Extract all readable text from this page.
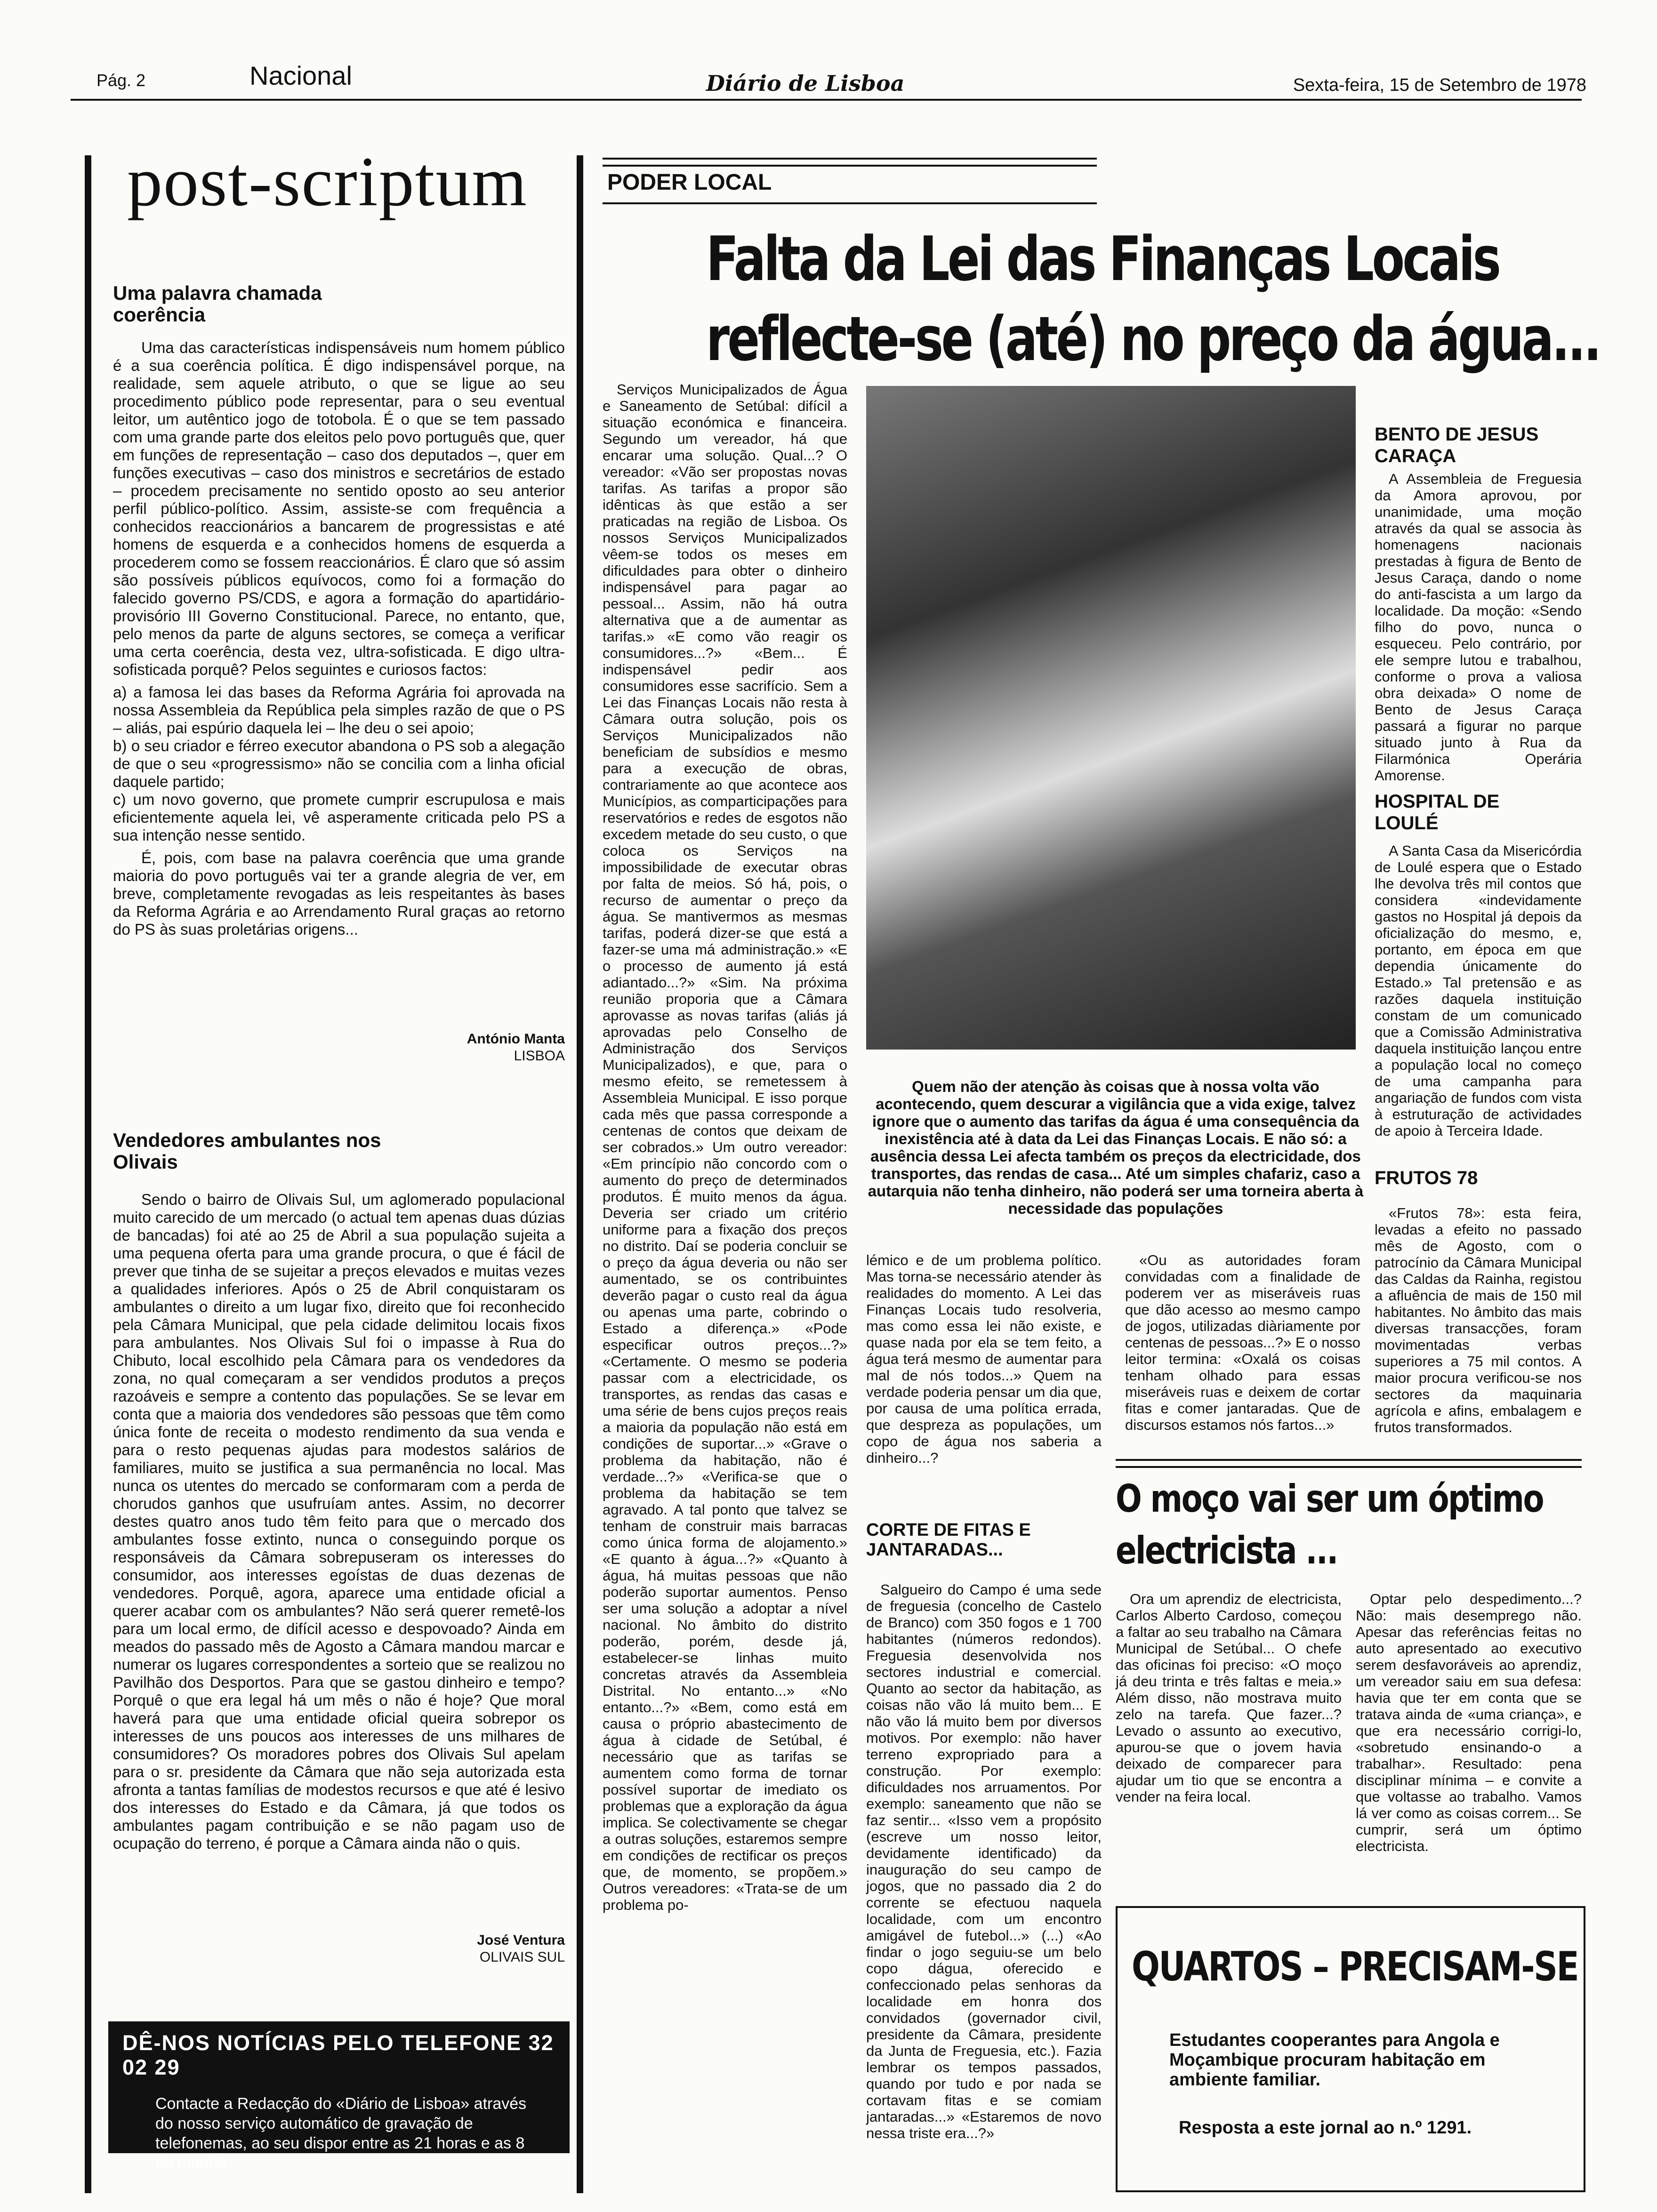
Pág. 2	Nacional	Diário de Lisboa	Sexta-feira, 15 de Setembro de 1978
post-scriptum
Uma palavra chamada coerência

Uma das características indispensáveis num homem público é a sua coerência política. É digo indispensável porque, na realidade, sem aquele atributo, o que se ligue ao seu procedimento público pode representar, para o seu eventual leitor, um autêntico jogo de totobola. É o que se tem passado com uma grande parte dos eleitos pelo povo português que, quer em funções de representação – caso dos deputados –, quer em funções executivas – caso dos ministros e secretários de estado – procedem precisamente no sentido oposto ao seu anterior perfil público-político. Assim, assiste-se com frequência a conhecidos reaccionários a bancarem de progressistas e até homens de esquerda e a conhecidos homens de esquerda a procederem como se fossem reaccionários. É claro que só assim são possíveis públicos equívocos, como foi a formação do falecido governo PS/CDS, e agora a formação do apartidário-provisório III Governo Constitucional. Parece, no entanto, que, pelo menos da parte de alguns sectores, se começa a verificar uma certa coerência, desta vez, ultra-sofisticada. E digo ultra-sofisticada porquê? Pelos seguintes e curiosos factos:

a) a famosa lei das bases da Reforma Agrária foi aprovada na nossa Assembleia da República pela simples razão de que o PS – aliás, pai espúrio daquela lei – lhe deu o sei apoio;

b) o seu criador e férreo executor abandona o PS sob a alegação de que o seu «progressismo» não se concilia com a linha oficial daquele partido;

c) um novo governo, que promete cumprir escrupulosa e mais eficientemente aquela lei, vê asperamente criticada pelo PS a sua intenção nesse sentido.

É, pois, com base na palavra coerência que uma grande maioria do povo português vai ter a grande alegria de ver, em breve, completamente revogadas as leis respeitantes às bases da Reforma Agrária e ao Arrendamento Rural graças ao retorno do PS às suas proletárias origens...

António Manta
LISBOA
Vendedores ambulantes nos Olivais

Sendo o bairro de Olivais Sul, um aglomerado populacional muito carecido de um mercado (o actual tem apenas duas dúzias de bancadas) foi até ao 25 de Abril a sua população sujeita a uma pequena oferta para uma grande procura, o que é fácil de prever que tinha de se sujeitar a preços elevados e muitas vezes a qualidades inferiores. Após o 25 de Abril conquistaram os ambulantes o direito a um lugar fixo, direito que foi reconhecido pela Câmara Municipal, que pela cidade delimitou locais fixos para ambulantes. Nos Olivais Sul foi o impasse à Rua do Chibuto, local escolhido pela Câmara para os vendedores da zona, no qual começaram a ser vendidos produtos a preços razoáveis e sempre a contento das populações. Se se levar em conta que a maioria dos vendedores são pessoas que têm como única fonte de receita o modesto rendimento da sua venda e para o resto pequenas ajudas para modestos salários de familiares, muito se justifica a sua permanência no local. Mas nunca os utentes do mercado se conformaram com a perda de chorudos ganhos que usufruíam antes. Assim, no decorrer destes quatro anos tudo têm feito para que o mercado dos ambulantes fosse extinto, nunca o conseguindo porque os responsáveis da Câmara sobrepuseram os interesses do consumidor, aos interesses egoístas de duas dezenas de vendedores. Porquê, agora, aparece uma entidade oficial a querer acabar com os ambulantes? Não será querer remetê-los para um local ermo, de difícil acesso e despovoado? Ainda em meados do passado mês de Agosto a Câmara mandou marcar e numerar os lugares correspondentes a sorteio que se realizou no Pavilhão dos Desportos. Para que se gastou dinheiro e tempo? Porquê o que era legal há um mês o não é hoje? Que moral haverá para que uma entidade oficial queira sobrepor os interesses de uns poucos aos interesses de uns milhares de consumidores? Os moradores pobres dos Olivais Sul apelam para o sr. presidente da Câmara que não seja autorizada esta afronta a tantas famílias de modestos recursos e que até é lesivo dos interesses do Estado e da Câmara, já que todos os ambulantes pagam contribuição e se não pagam uso de ocupação do terreno, é porque a Câmara ainda não o quis.

José Ventura
OLIVAIS SUL
DÊ-NOS NOTÍCIAS PELO TELEFONE 32 02 29
Contacte a Redacção do «Diário de Lisboa» através do nosso serviço automático de gravação de telefonemas, ao seu dispor entre as 21 horas e as 8 da manhã.
PODER LOCAL
Falta da Lei das Finanças Locais
reflecte-se (até) no preço da água...

Serviços Municipalizados de Água e Saneamento de Setúbal: difícil a situação económica e financeira. Segundo um vereador, há que encarar uma solução. Qual...? O vereador: «Vão ser propostas novas tarifas. As tarifas a propor são idênticas às que estão a ser praticadas na região de Lisboa. Os nossos Serviços Municipalizados vêem-se todos os meses em dificuldades para obter o dinheiro indispensável para pagar ao pessoal... Assim, não há outra alternativa que a de aumentar as tarifas.» «E como vão reagir os consumidores...?» «Bem... É indispensável pedir aos consumidores esse sacrifício. Sem a Lei das Finanças Locais não resta à Câmara outra solução, pois os Serviços Municipalizados não beneficiam de subsídios e mesmo para a execução de obras, contrariamente ao que acontece aos Municípios, as comparticipações para reservatórios e redes de esgotos não excedem metade do seu custo, o que coloca os Serviços na impossibilidade de executar obras por falta de meios. Só há, pois, o recurso de aumentar o preço da água. Se mantivermos as mesmas tarifas, poderá dizer-se que está a fazer-se uma má administração.» «E o processo de aumento já está adiantado...?» «Sim. Na próxima reunião proporia que a Câmara aprovasse as novas tarifas (aliás já aprovadas pelo Conselho de Administração dos Serviços Municipalizados), e que, para o mesmo efeito, se remetessem à Assembleia Municipal. E isso porque cada mês que passa corresponde a centenas de contos que deixam de ser cobrados.» Um outro vereador: «Em princípio não concordo com o aumento do preço de determinados produtos. É muito menos da água. Deveria ser criado um critério uniforme para a fixação dos preços no distrito. Daí se poderia concluir se o preço da água deveria ou não ser aumentado, se os contribuintes deverão pagar o custo real da água ou apenas uma parte, cobrindo o Estado a diferença.» «Pode especificar outros preços...?» «Certamente. O mesmo se poderia passar com a electricidade, os transportes, as rendas das casas e uma série de bens cujos preços reais a maioria da população não está em condições de suportar...» «Grave o problema da habitação, não é verdade...?» «Verifica-se que o problema da habitação se tem agravado. A tal ponto que talvez se tenham de construir mais barracas como única forma de alojamento.» «E quanto à água...?» «Quanto à água, há muitas pessoas que não poderão suportar aumentos. Penso ser uma solução a adoptar a nível nacional. No âmbito do distrito poderão, porém, desde já, estabelecer-se linhas muito concretas através da Assembleia Distrital. No entanto...» «No entanto...?» «Bem, como está em causa o próprio abastecimento de água à cidade de Setúbal, é necessário que as tarifas se aumentem como forma de tornar possível suportar de imediato os problemas que a exploração da água implica. Se colectivamente se chegar a outras soluções, estaremos sempre em condições de rectificar os preços que, de momento, se propõem.» Outros vereadores: «Trata-se de um problema po-

Quem não der atenção às coisas que à nossa volta vão acontecendo, quem descurar a vigilância que a vida exige, talvez ignore que o aumento das tarifas da água é uma consequência da inexistência até à data da Lei das Finanças Locais. E não só: a ausência dessa Lei afecta também os preços da electricidade, dos transportes, das rendas de casa... Até um simples chafariz, caso a autarquia não tenha dinheiro, não poderá ser uma torneira aberta à necessidade das populações

lémico e de um problema político. Mas torna-se necessário atender às realidades do momento. A Lei das Finanças Locais tudo resolveria, mas como essa lei não existe, e quase nada por ela se tem feito, a água terá mesmo de aumentar para mal de nós todos...» Quem na verdade poderia pensar um dia que, por causa de uma política errada, que despreza as populações, um copo de água nos saberia a dinheiro...?

CORTE DE FITAS E JANTARADAS...

Salgueiro do Campo é uma sede de freguesia (concelho de Castelo de Branco) com 350 fogos e 1 700 habitantes (números redondos). Freguesia desenvolvida nos sectores industrial e comercial. Quanto ao sector da habitação, as coisas não vão lá muito bem... E não vão lá muito bem por diversos motivos. Por exemplo: não haver terreno expropriado para a construção. Por exemplo: dificuldades nos arruamentos. Por exemplo: saneamento que não se faz sentir... «Isso vem a propósito (escreve um nosso leitor, devidamente identificado) da inauguração do seu campo de jogos, que no passado dia 2 do corrente se efectuou naquela localidade, com um encontro amigável de futebol...» (...) «Ao findar o jogo seguiu-se um belo copo dágua, oferecido e confeccionado pelas senhoras da localidade em honra dos convidados (governador civil, presidente da Câmara, presidente da Junta de Freguesia, etc.). Fazia lembrar os tempos passados, quando por tudo e por nada se cortavam fitas e se comiam jantaradas...» «Estaremos de novo nessa triste era...?»

«Ou as autoridades foram convidadas com a finalidade de poderem ver as miseráveis ruas que dão acesso ao mesmo campo de jogos, utilizadas diàriamente por centenas de pessoas...?» E o nosso leitor termina: «Oxalá os coisas tenham olhado para essas miseráveis ruas e deixem de cortar fitas e comer jantaradas. Que de discursos estamos nós fartos...»

BENTO DE JESUS CARAÇA

A Assembleia de Freguesia da Amora aprovou, por unanimidade, uma moção através da qual se associa às homenagens nacionais prestadas à figura de Bento de Jesus Caraça, dando o nome do anti-fascista a um largo da localidade. Da moção: «Sendo filho do povo, nunca o esqueceu. Pelo contrário, por ele sempre lutou e trabalhou, conforme o prova a valiosa obra deixada» O nome de Bento de Jesus Caraça passará a figurar no parque situado junto à Rua da Filarmónica Operária Amorense.

HOSPITAL DE LOULÉ

A Santa Casa da Misericórdia de Loulé espera que o Estado lhe devolva três mil contos que considera «indevidamente gastos no Hospital já depois da oficialização do mesmo, e, portanto, em época em que dependia únicamente do Estado.» Tal pretensão e as razões daquela instituição constam de um comunicado que a Comissão Administrativa daquela instituição lançou entre a população local no começo de uma campanha para angariação de fundos com vista à estruturação de actividades de apoio à Terceira Idade.

FRUTOS 78

«Frutos 78»: esta feira, levadas a efeito no passado mês de Agosto, com o patrocínio da Câmara Municipal das Caldas da Rainha, registou a afluência de mais de 150 mil habitantes. No âmbito das mais diversas transacções, foram movimentadas verbas superiores a 75 mil contos. A maior procura verificou-se nos sectores da maquinaria agrícola e afins, embalagem e frutos transformados.

O moço vai ser um óptimo
electricista ...

Ora um aprendiz de electricista, Carlos Alberto Cardoso, começou a faltar ao seu trabalho na Câmara Municipal de Setúbal... O chefe das oficinas foi preciso: «O moço já deu trinta e três faltas e meia.» Além disso, não mostrava muito zelo na tarefa. Que fazer...? Levado o assunto ao executivo, apurou-se que o jovem havia deixado de comparecer para ajudar um tio que se encontra a vender na feira local.

Optar pelo despedimento...? Não: mais desemprego não. Apesar das referências feitas no auto apresentado ao executivo serem desfavoráveis ao aprendiz, um vereador saiu em sua defesa: havia que ter em conta que se tratava ainda de «uma criança», e que era necessário corrigi-lo, «sobretudo ensinando-o a trabalhar». Resultado: pena disciplinar mínima – e convite a que voltasse ao trabalho. Vamos lá ver como as coisas correm... Se cumprir, será um óptimo electricista.

QUARTOS – PRECISAM-SE
Estudantes cooperantes para Angola e Moçambique procuram habitação em ambiente familiar.
Resposta a este jornal ao n.º 1291.
